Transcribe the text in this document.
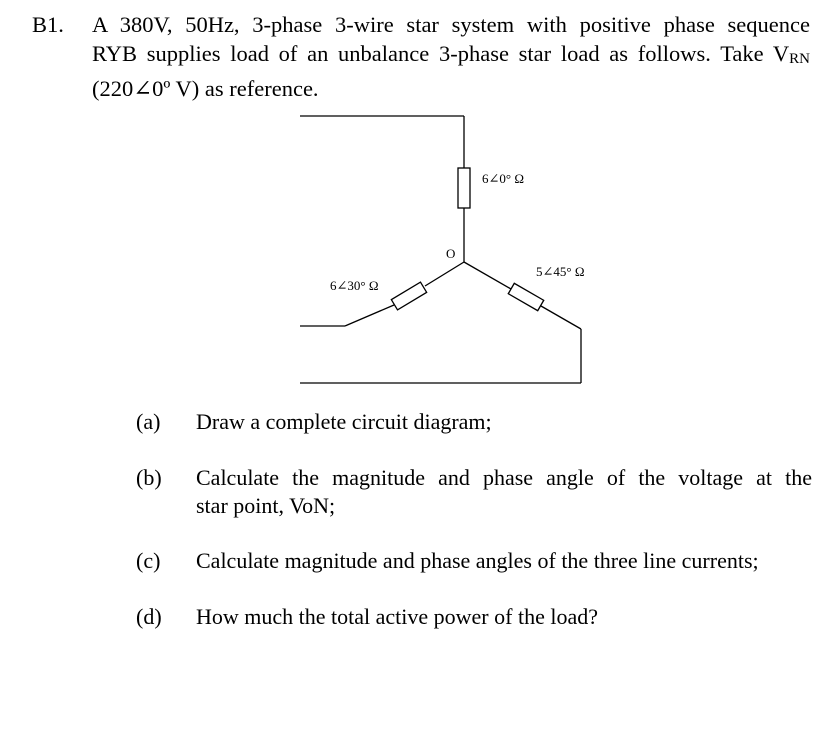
B1. A 380V, 50Hz, 3-phase 3-wire star system with positive phase sequence
RYB supplies load of an unbalance 3-phase star load as follows. Take VRN
(220∠0º V) as reference.
6∠0° Ω
5∠45° Ω
6∠30° Ω
O
(a) Draw a complete circuit diagram;
(b) Calculate the magnitude and phase angle of the voltage at the
star point, VoN;
(c) Calculate magnitude and phase angles of the three line currents;
(d) How much the total active power of the load?
